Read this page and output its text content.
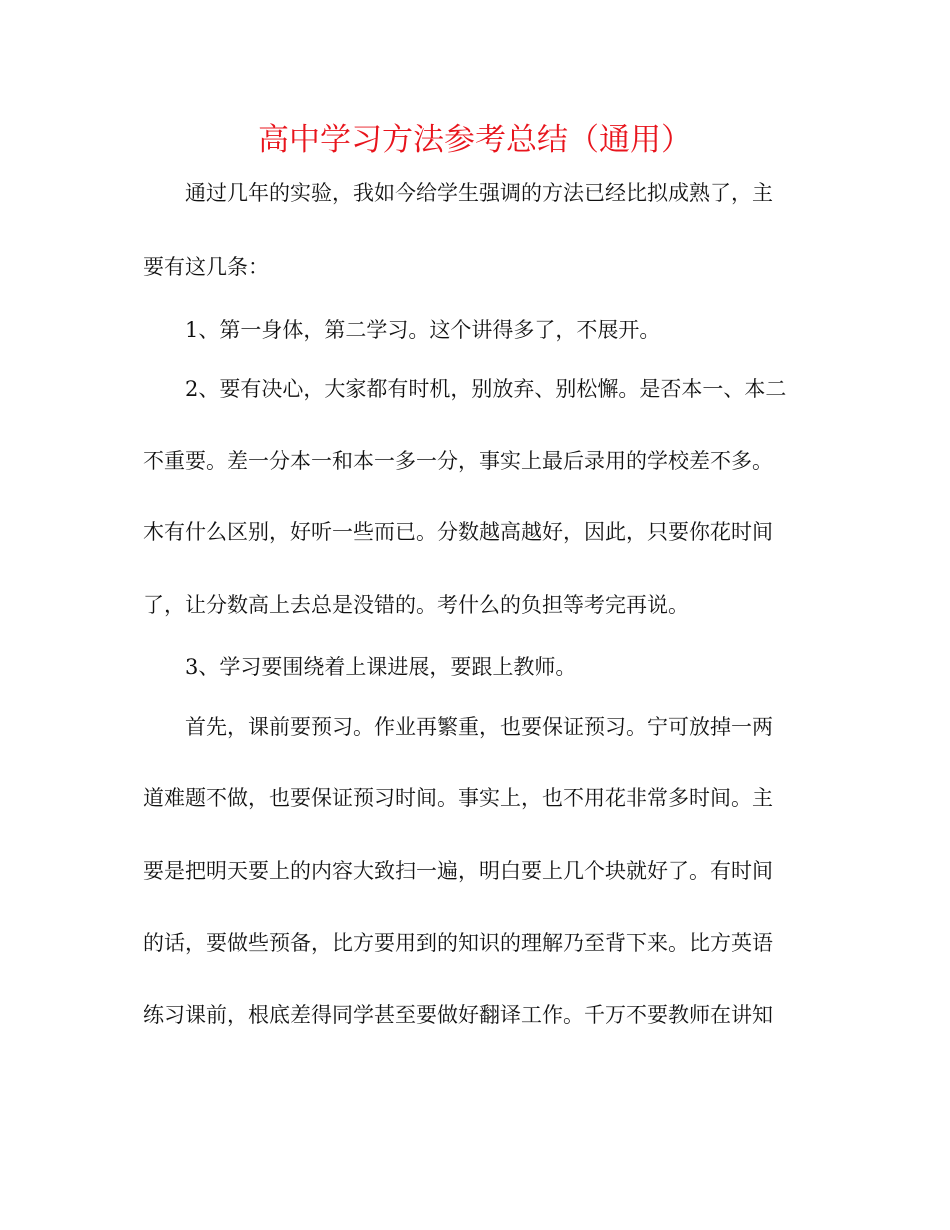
高中学习方法参考总结（通用）

通过几年的实验，我如今给学生强调的方法已经比拟成熟了，主

要有这几条：

1、第一身体，第二学习。这个讲得多了，不展开。

2、要有决心，大家都有时机，别放弃、别松懈。是否本一、本二

不重要。差一分本一和本一多一分，事实上最后录用的学校差不多。

木有什么区别，好听一些而已。分数越高越好，因此，只要你花时间

了，让分数高上去总是没错的。考什么的负担等考完再说。

3、学习要围绕着上课进展，要跟上教师。

首先，课前要预习。作业再繁重，也要保证预习。宁可放掉一两

道难题不做，也要保证预习时间。事实上，也不用花非常多时间。主

要是把明天要上的内容大致扫一遍，明白要上几个块就好了。有时间

的话，要做些预备，比方要用到的知识的理解乃至背下来。比方英语

练习课前，根底差得同学甚至要做好翻译工作。千万不要教师在讲知
